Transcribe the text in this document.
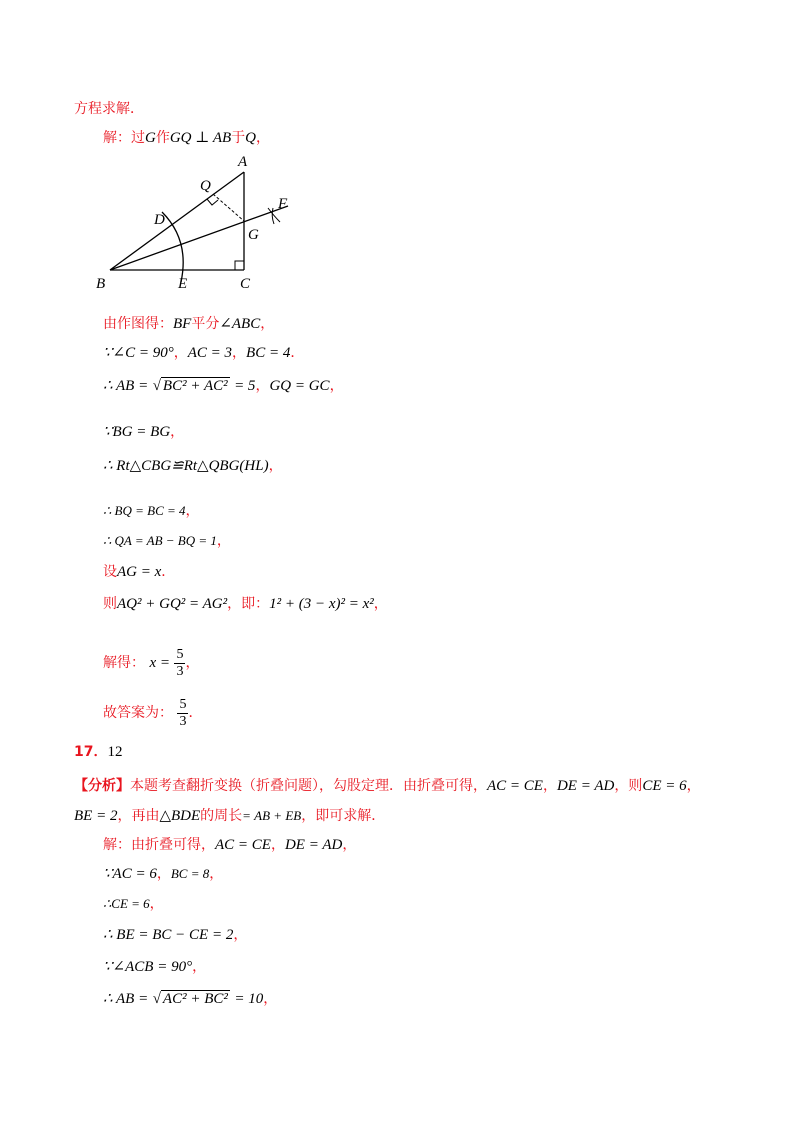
方程求解．
解：过G作GQ ⊥ AB于Q，
A
B	C
D
E
F
G
Q
由作图得：BF平分∠ABC，
∵∠C = 90°，AC = 3，BC = 4．
∴ AB = √ BC² + AC² = 5，GQ = GC，
∵BG = BG，
∴ Rt△CBG≌Rt△QBG(HL)，
∴ BQ = BC = 4，
∴ QA = AB − BQ = 1，
设AG = x．
则AQ² + GQ² = AG²，即：1² + (3 − x)² = x²，
解得： $x = \frac{5}{3}$ ，
故答案为： $\frac{5}{3}$ ．
17．12
【分析】本题考查翻折变换（折叠问题），勾股定理．由折叠可得，AC = CE，DE = AD，则CE = 6，
BE = 2，再由△BDE的周长= AB + EB，即可求解．
解：由折叠可得，AC = CE，DE = AD，
∵AC = 6，BC = 8，
∴CE = 6，
∴ BE = BC − CE = 2，
∵∠ACB = 90°，
∴ AB = √ AC² + BC² = 10，
